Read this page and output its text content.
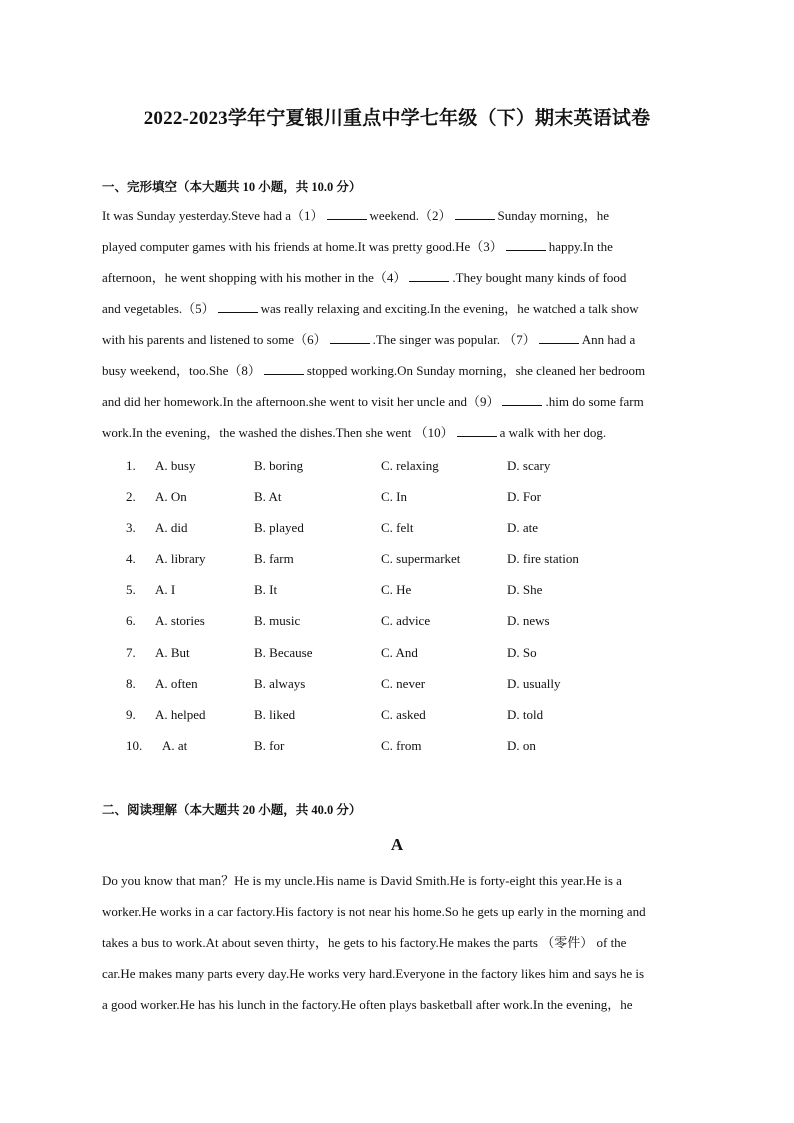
2022-2023学年宁夏银川重点中学七年级（下）期末英语试卷
一、完形填空（本大题共 10 小题，共 10.0 分）
It was Sunday yesterday.Steve had a（1）	weekend.（2）	Sunday morning，he
played computer games with his friends at home.It was pretty good.He（3）	happy.In the
afternoon，he went shopping with his mother in the（4）	.They bought many kinds of food
and vegetables.（5）	was really relaxing and exciting.In the evening，he watched a talk show
with his parents and listened to some（6）	.The singer was popular. （7）	Ann had a
busy weekend，too.She（8）	stopped working.On Sunday morning，she cleaned her bedroom
and did her homework.In the afternoon.she went to visit her uncle and（9）	.him do some farm
work.In the evening，the washed the dishes.Then she went （10）	a walk with her dog.
1. A. busy	B. boring	C. relaxing	D. scary
2. A. On	B. At	C. In	D. For
3. A. did	B. played	C. felt	D. ate
4. A. library	B. farm	C. supermarket	D. fire station
5. A. I	B. It	C. He	D. She
6. A. stories	B. music	C. advice	D. news
7. A. But	B. Because	C. And	D. So
8. A. often	B. always	C. never	D. usually
9. A. helped	B. liked	C. asked	D. told
10. A. at	B. for	C. from	D. on
二、阅读理解（本大题共 20 小题，共 40.0 分）
A
Do you know that man？He is my uncle.His name is David Smith.He is forty-eight this year.He is a
worker.He works in a car factory.His factory is not near his home.So he gets up early in the morning and
takes a bus to work.At about seven thirty，he gets to his factory.He makes the parts （零件） of the
car.He makes many parts every day.He works very hard.Everyone in the factory likes him and says he is
a good worker.He has his lunch in the factory.He often plays basketball after work.In the evening，he
